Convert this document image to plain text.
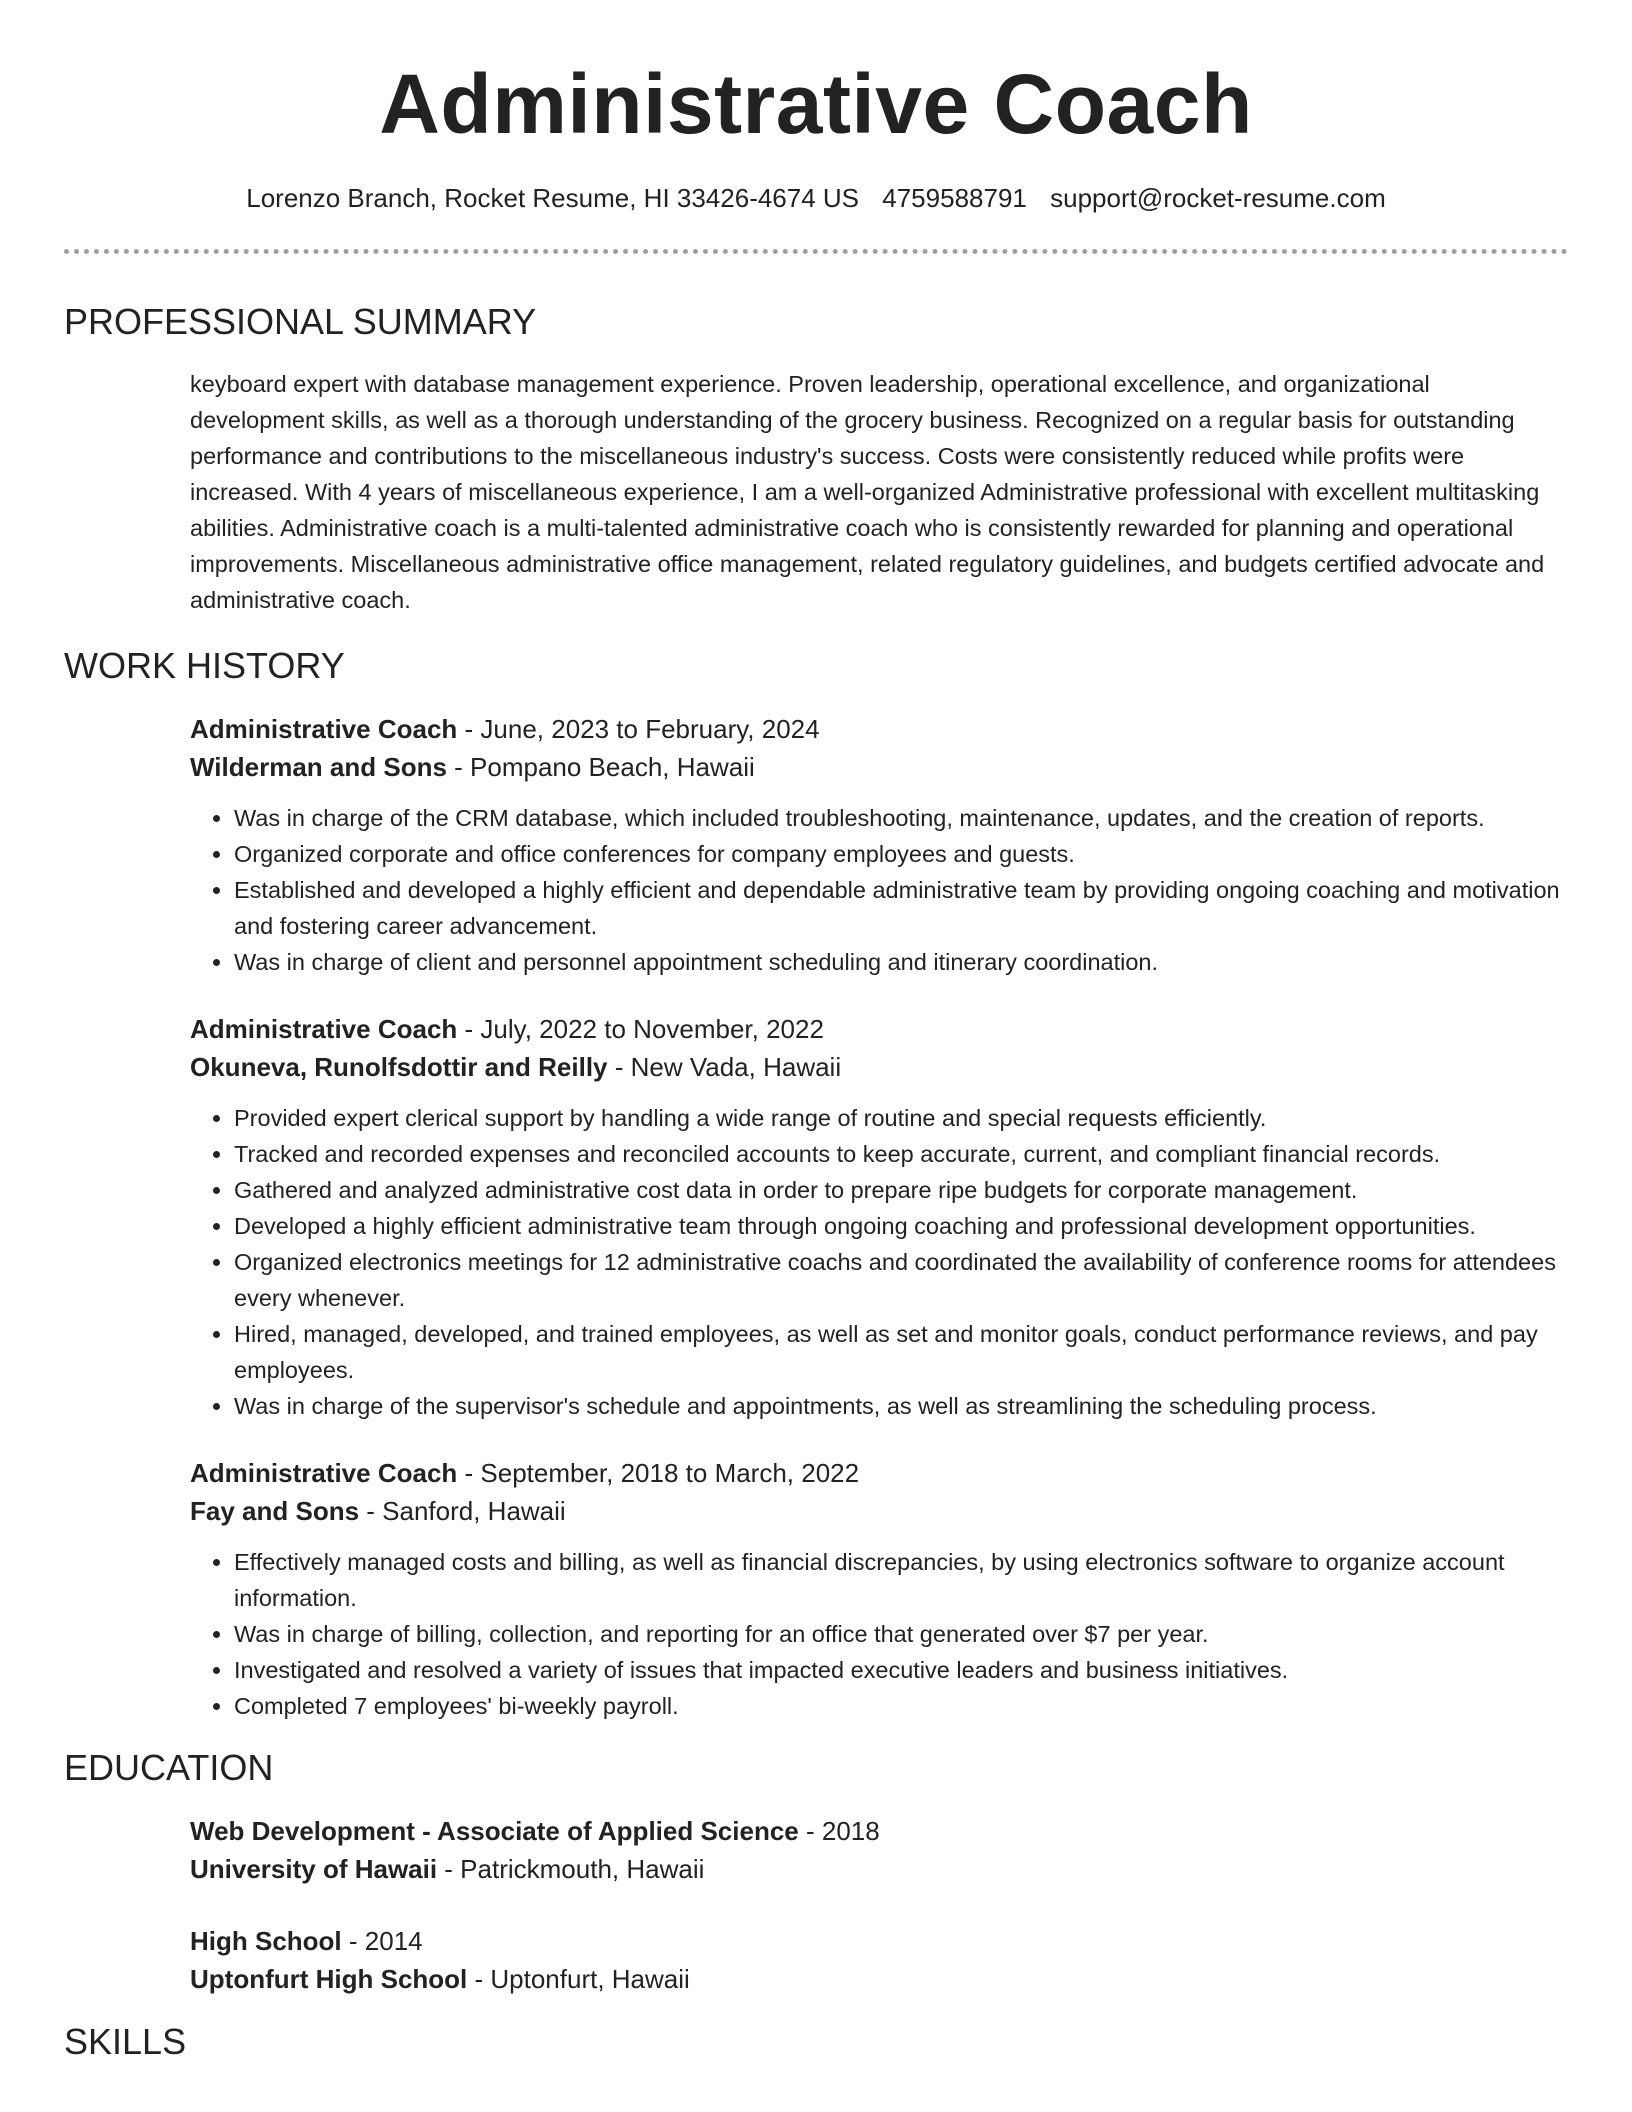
Administrative Coach
Lorenzo Branch, Rocket Resume, HI 33426-4674 US 4759588791 support@rocket-resume.com
PROFESSIONAL SUMMARY
keyboard expert with database management experience. Proven leadership, operational excellence, and organizational development skills, as well as a thorough understanding of the grocery business. Recognized on a regular basis for outstanding performance and contributions to the miscellaneous industry's success. Costs were consistently reduced while profits were increased. With 4 years of miscellaneous experience, I am a well-organized Administrative professional with excellent multitasking abilities. Administrative coach is a multi-talented administrative coach who is consistently rewarded for planning and operational improvements. Miscellaneous administrative office management, related regulatory guidelines, and budgets certified advocate and administrative coach.
WORK HISTORY
Administrative Coach - June, 2023 to February, 2024
Wilderman and Sons - Pompano Beach, Hawaii
• Was in charge of the CRM database, which included troubleshooting, maintenance, updates, and the creation of reports.
• Organized corporate and office conferences for company employees and guests.
• Established and developed a highly efficient and dependable administrative team by providing ongoing coaching and motivation and fostering career advancement.
• Was in charge of client and personnel appointment scheduling and itinerary coordination.
Administrative Coach - July, 2022 to November, 2022
Okuneva, Runolfsdottir and Reilly - New Vada, Hawaii
• Provided expert clerical support by handling a wide range of routine and special requests efficiently.
• Tracked and recorded expenses and reconciled accounts to keep accurate, current, and compliant financial records.
• Gathered and analyzed administrative cost data in order to prepare ripe budgets for corporate management.
• Developed a highly efficient administrative team through ongoing coaching and professional development opportunities.
• Organized electronics meetings for 12 administrative coachs and coordinated the availability of conference rooms for attendees every whenever.
• Hired, managed, developed, and trained employees, as well as set and monitor goals, conduct performance reviews, and pay employees.
• Was in charge of the supervisor's schedule and appointments, as well as streamlining the scheduling process.
Administrative Coach - September, 2018 to March, 2022
Fay and Sons - Sanford, Hawaii
• Effectively managed costs and billing, as well as financial discrepancies, by using electronics software to organize account information.
• Was in charge of billing, collection, and reporting for an office that generated over $7 per year.
• Investigated and resolved a variety of issues that impacted executive leaders and business initiatives.
• Completed 7 employees' bi-weekly payroll.
EDUCATION
Web Development - Associate of Applied Science - 2018
University of Hawaii - Patrickmouth, Hawaii
High School - 2014
Uptonfurt High School - Uptonfurt, Hawaii
SKILLS
